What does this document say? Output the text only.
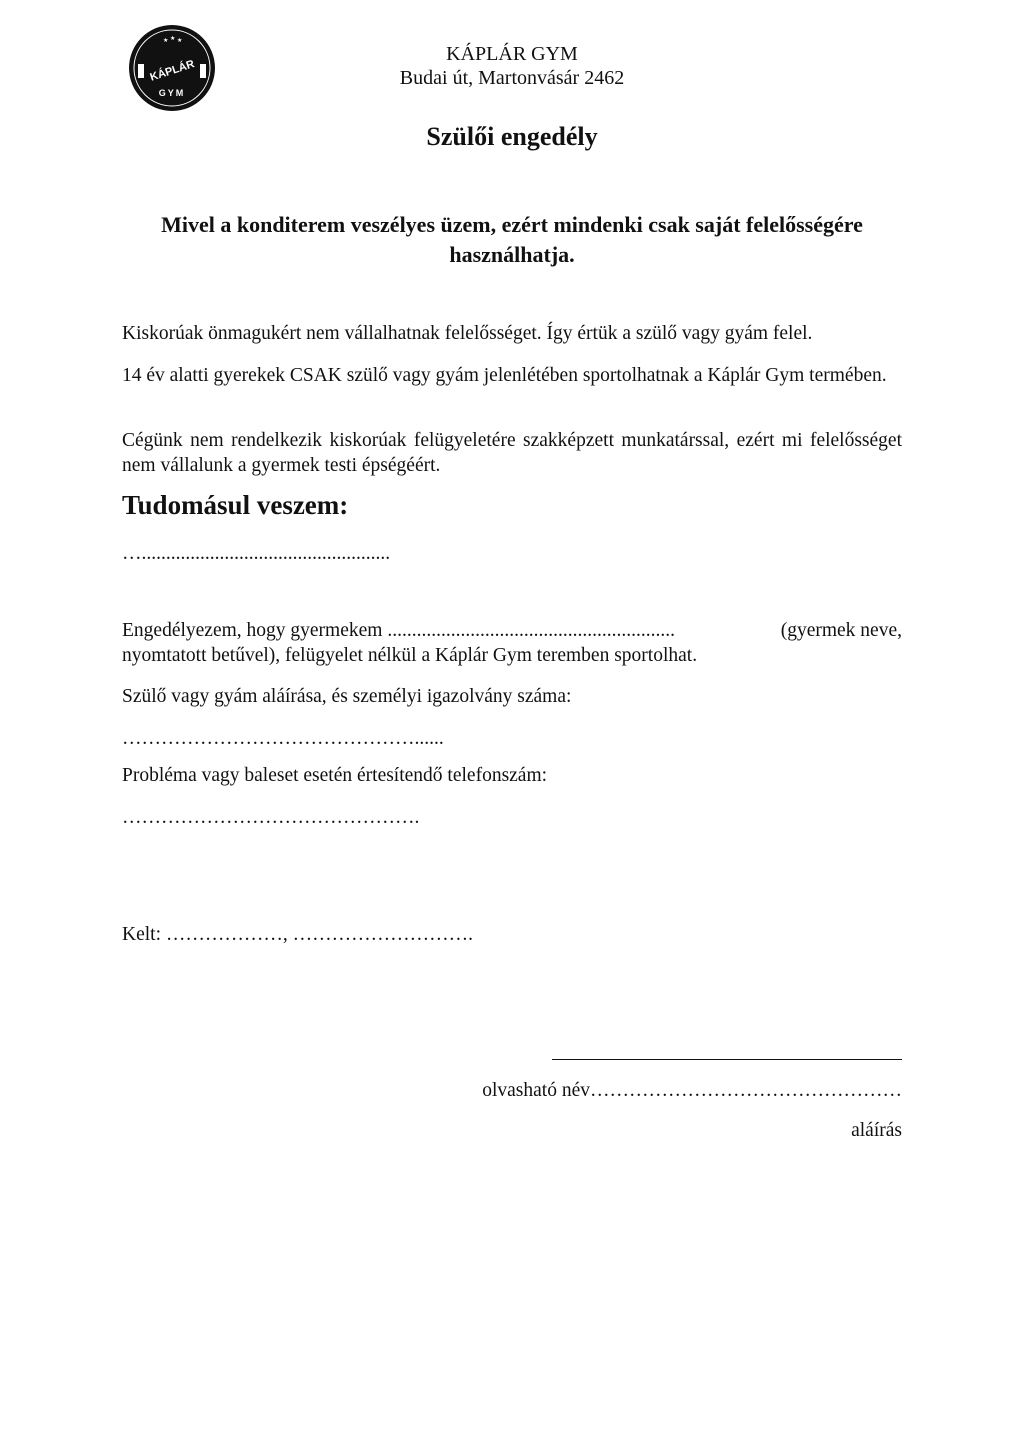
★ ★ ★
KÁPLÁR
GYM
KÁPLÁR GYM
Budai út, Martonvásár 2462
Szülői engedély
Mivel a konditerem veszélyes üzem, ezért mindenki csak saját felelősségére használhatja.
Kiskorúak önmagukért nem vállalhatnak felelősséget. Így értük a szülő vagy gyám felel.
14 év alatti gyerekek CSAK szülő vagy gyám jelenlétében sportolhatnak a Káplár Gym termében.
Cégünk nem rendelkezik kiskorúak felügyeletére szakképzett munkatárssal, ezért mi felelősséget nem vállalunk a gyermek testi épségéért.
Tudomásul veszem:
…...................................................
Engedélyezem, hogy gyermekem ...........................................................	(gyermek neve,
nyomtatott betűvel), felügyelet nélkül a Káplár Gym teremben sportolhat.
Szülő vagy gyám aláírása, és személyi igazolvány száma:
………………………………………......
Probléma vagy baleset esetén értesítendő telefonszám:
……………………………………….
Kelt: ………………, ……………………….
olvasható név…………………………………………
aláírás
